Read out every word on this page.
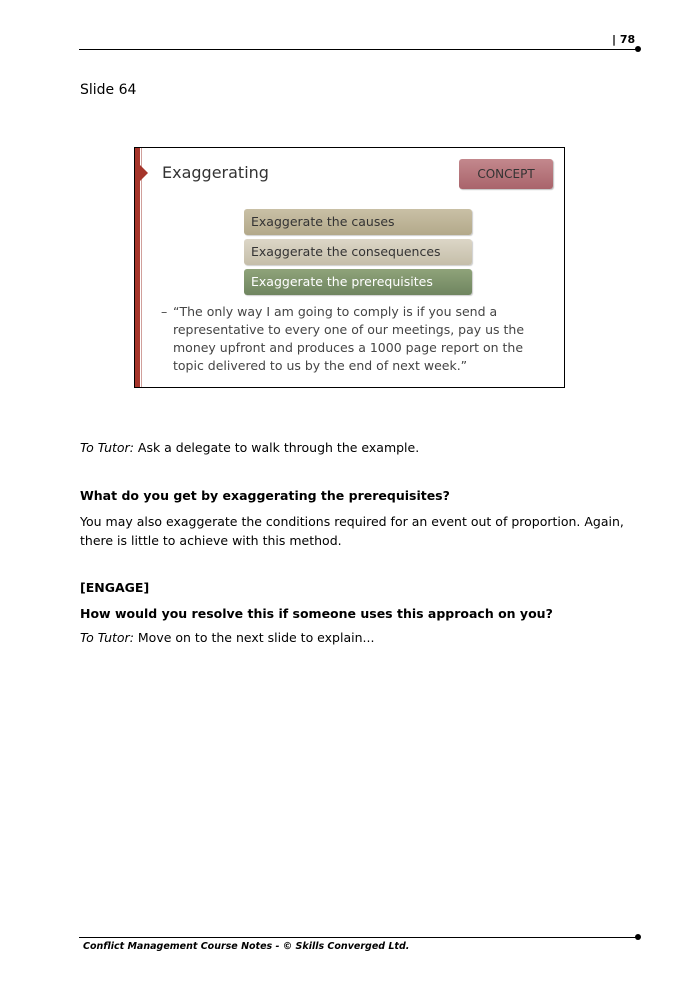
| 78
Slide 64
Exaggerating	CONCEPT
Exaggerate the causes
Exaggerate the consequences
Exaggerate the prerequisites
– “The only way I am going to comply is if you send a representative to every one of our meetings, pay us the money upfront and produces a 1000 page report on the topic delivered to us by the end of next week.”
To Tutor: Ask a delegate to walk through the example.
What do you get by exaggerating the prerequisites?
You may also exaggerate the conditions required for an event out of proportion. Again, there is little to achieve with this method.
[ENGAGE]
How would you resolve this if someone uses this approach on you?
To Tutor: Move on to the next slide to explain...
Conflict Management Course Notes - © Skills Converged Ltd.
